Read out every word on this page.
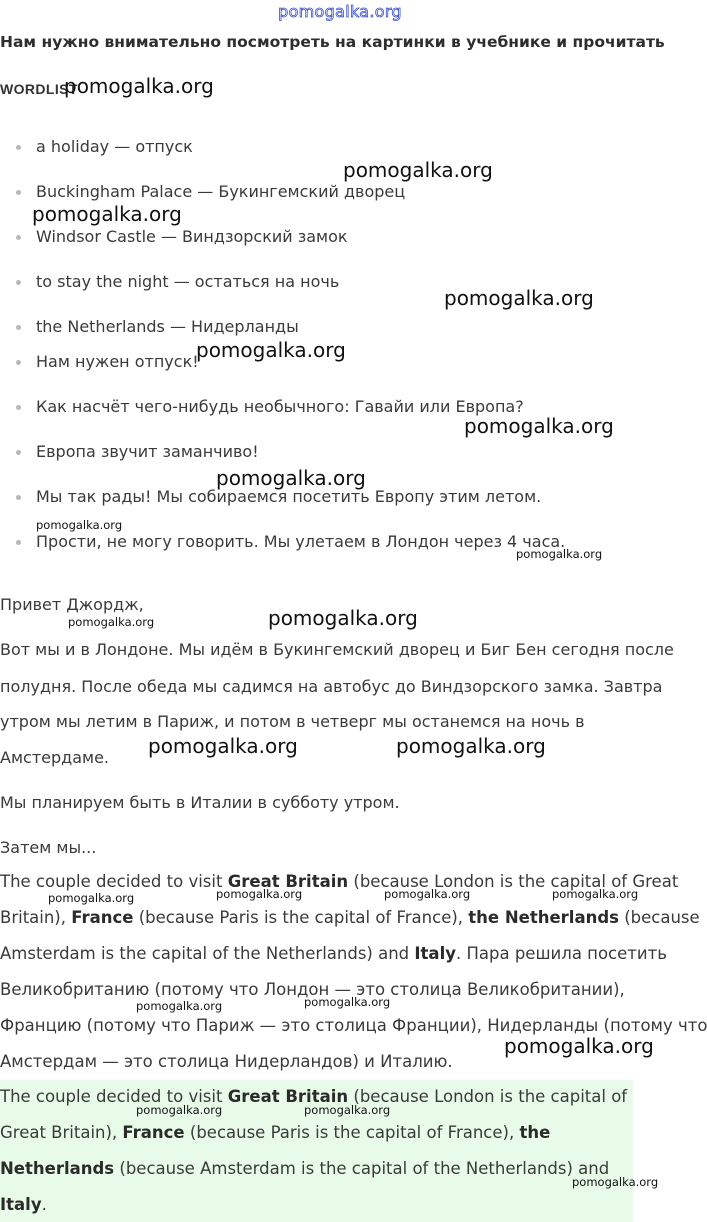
pomogalka.org
Нам нужно внимательно посмотреть на картинки в учебнике и прочитать
WORDLIST
a holiday — отпуск
Buckingham Palace — Букингемский дворец
Windsor Castle — Виндзорский замок
to stay the night — остаться на ночь
the Netherlands — Нидерланды
Нам нужен отпуск!
Как насчёт чего-нибудь необычного: Гавайи или Европа?
Европа звучит заманчиво!
Мы так рады! Мы собираемся посетить Европу этим летом.
Прости, не могу говорить. Мы улетаем в Лондон через 4 часа.
Привет Джордж,
Вот мы и в Лондоне. Мы идём в Букингемский дворец и Биг Бен сегодня после
полудня. После обеда мы садимся на автобус до Виндзорского замка. Завтра
утром мы летим в Париж, и потом в четверг мы останемся на ночь в
Амстердаме.
Мы планируем быть в Италии в субботу утром.
Затем мы...
The couple decided to visit Great Britain (because London is the capital of Great
Britain), France (because Paris is the capital of France), the Netherlands (because
Amsterdam is the capital of the Netherlands) and Italy. Пара решила посетить
Великобританию (потому что Лондон — это столица Великобритании),
Францию (потому что Париж — это столица Франции), Нидерланды (потому что
Амстердам — это столица Нидерландов) и Италию.
The couple decided to visit Great Britain (because London is the capital of
Great Britain), France (because Paris is the capital of France), the
Netherlands (because Amsterdam is the capital of the Netherlands) and
Italy.
pomogalka.org
pomogalka.org
pomogalka.org
pomogalka.org
pomogalka.org
pomogalka.org
pomogalka.org
pomogalka.org
pomogalka.org	pomogalka.org
pomogalka.org
pomogalka.org
pomogalka.org
pomogalka.org
pomogalka.org	pomogalka.org	pomogalka.org	pomogalka.org
pomogalka.org	pomogalka.org
pomogalka.org	pomogalka.org
pomogalka.org
